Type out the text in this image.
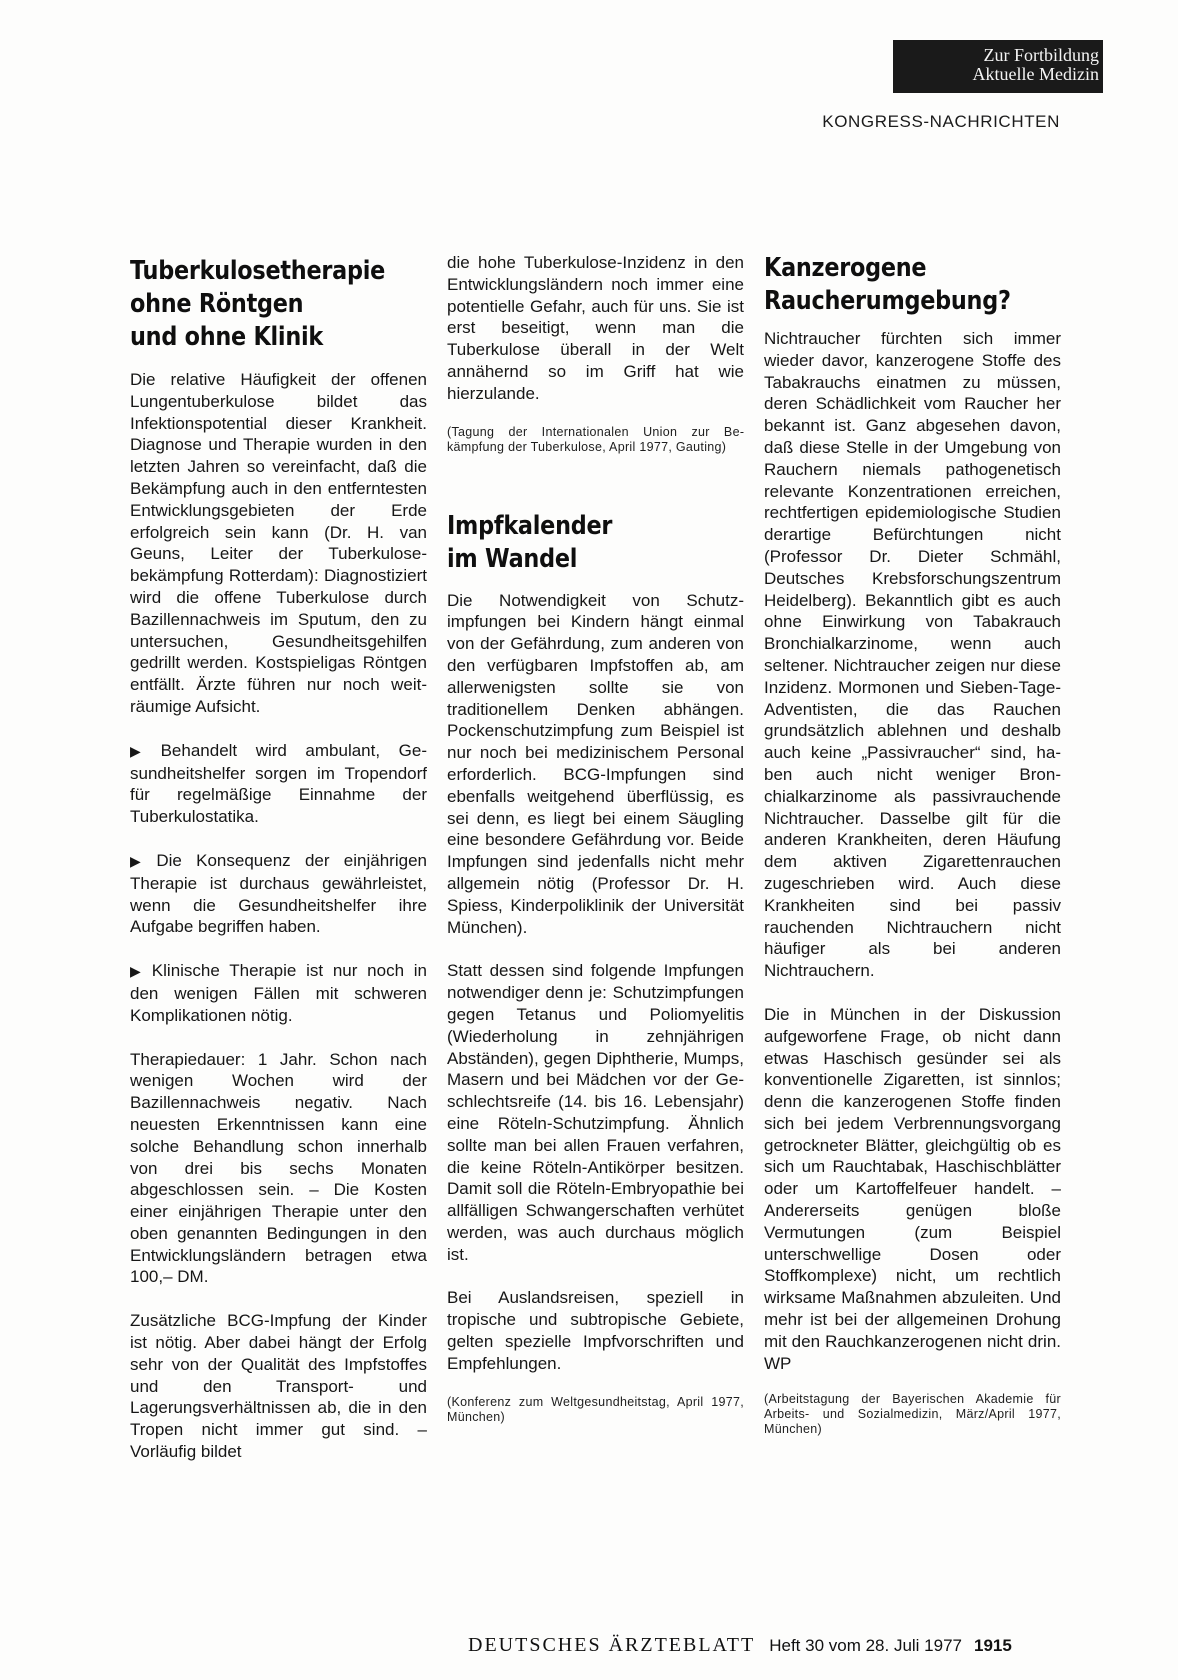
Zur Fortbildung
Aktuelle Medizin
KONGRESS-NACHRICHTEN
Tuberkulosetherapie
ohne Röntgen
und ohne Klinik

Die relative Häufigkeit der offenen Lungentuberkulose bildet das Infektionspotential dieser Krankheit. Diagnose und Therapie wurden in den letzten Jahren so vereinfacht, daß die Bekämpfung auch in den entferntesten Entwicklungsgebieten der Erde erfolgreich sein kann (Dr. H. van Geuns, Leiter der Tuberkulosebekämpfung Rotterdam): Diagnostiziert wird die offene Tuberkulose durch Bazillennachweis im Sputum, den zu untersuchen, Gesundheitsgehilfen gedrillt werden. Kostspieligas Röntgen entfällt. Ärzte führen nur noch weiträumige Aufsicht.

▶ Behandelt wird ambulant, Gesundheitshelfer sorgen im Tropendorf für regelmäßige Einnahme der Tuberkulostatika.

▶ Die Konsequenz der einjährigen Therapie ist durchaus gewährleistet, wenn die Gesundheitshelfer ihre Aufgabe begriffen haben.

▶ Klinische Therapie ist nur noch in den wenigen Fällen mit schweren Komplikationen nötig.

Therapiedauer: 1 Jahr. Schon nach wenigen Wochen wird der Bazillennachweis negativ. Nach neuesten Erkenntnissen kann eine solche Behandlung schon innerhalb von drei bis sechs Monaten abgeschlossen sein. – Die Kosten einer einjährigen Therapie unter den oben genannten Bedingungen in den Entwicklungsländern betragen etwa 100,– DM.

Zusätzliche BCG-Impfung der Kinder ist nötig. Aber dabei hängt der Erfolg sehr von der Qualität des Impfstoffes und den Transport- und Lagerungsverhältnissen ab, die in den Tropen nicht immer gut sind. – Vorläufig bildet

die hohe Tuberkulose-Inzidenz in den Entwicklungsländern noch immer eine potentielle Gefahr, auch für uns. Sie ist erst beseitigt, wenn man die Tuberkulose überall in der Welt annähernd so im Griff hat wie hierzulande.

(Tagung der Internationalen Union zur Bekämpfung der Tuberkulose, April 1977, Gauting)

Impfkalender
im Wandel

Die Notwendigkeit von Schutzimpfungen bei Kindern hängt einmal von der Gefährdung, zum anderen von den verfügbaren Impfstoffen ab, am allerwenigsten sollte sie von traditionellem Denken abhängen. Pockenschutzimpfung zum Beispiel ist nur noch bei medizinischem Personal erforderlich. BCG-Impfungen sind ebenfalls weitgehend überflüssig, es sei denn, es liegt bei einem Säugling eine besondere Gefährdung vor. Beide Impfungen sind jedenfalls nicht mehr allgemein nötig (Professor Dr. H. Spiess, Kinderpoliklinik der Universität München).

Statt dessen sind folgende Impfungen notwendiger denn je: Schutzimpfungen gegen Tetanus und Poliomyelitis (Wiederholung in zehnjährigen Abständen), gegen Diphtherie, Mumps, Masern und bei Mädchen vor der Geschlechtsreife (14. bis 16. Lebensjahr) eine Röteln-Schutzimpfung. Ähnlich sollte man bei allen Frauen verfahren, die keine Röteln-Antikörper besitzen. Damit soll die Röteln-Embryopathie bei allfälligen Schwangerschaften verhütet werden, was auch durchaus möglich ist.

Bei Auslandsreisen, speziell in tropische und subtropische Gebiete, gelten spezielle Impfvorschriften und Empfehlungen.

(Konferenz zum Weltgesundheitstag, April 1977, München)

Kanzerogene
Raucherumgebung?

Nichtraucher fürchten sich immer wieder davor, kanzerogene Stoffe des Tabakrauchs einatmen zu müssen, deren Schädlichkeit vom Raucher her bekannt ist. Ganz abgesehen davon, daß diese Stelle in der Umgebung von Rauchern niemals pathogenetisch relevante Konzentrationen erreichen, rechtfertigen epidemiologische Studien derartige Befürchtungen nicht (Professor Dr. Dieter Schmähl, Deutsches Krebsforschungszentrum Heidelberg). Bekanntlich gibt es auch ohne Einwirkung von Tabakrauch Bronchialkarzinome, wenn auch seltener. Nichtraucher zeigen nur diese Inzidenz. Mormonen und Sieben-Tage-Adventisten, die das Rauchen grundsätzlich ablehnen und deshalb auch keine „Passivraucher“ sind, haben auch nicht weniger Bronchialkarzinome als passivrauchende Nichtraucher. Dasselbe gilt für die anderen Krankheiten, deren Häufung dem aktiven Zigarettenrauchen zugeschrieben wird. Auch diese Krankheiten sind bei passiv rauchenden Nichtrauchern nicht häufiger als bei anderen Nichtrauchern.

Die in München in der Diskussion aufgeworfene Frage, ob nicht dann etwas Haschisch gesünder sei als konventionelle Zigaretten, ist sinnlos; denn die kanzerogenen Stoffe finden sich bei jedem Verbrennungsvorgang getrockneter Blätter, gleichgültig ob es sich um Rauchtabak, Haschischblätter oder um Kartoffelfeuer handelt. – Andererseits genügen bloße Vermutungen (zum Beispiel unterschwellige Dosen oder Stoffkomplexe) nicht, um rechtlich wirksame Maßnahmen abzuleiten. Und mehr ist bei der allgemeinen Drohung mit den Rauchkanzerogenen nicht drin. WP

(Arbeitstagung der Bayerischen Akademie für Arbeits- und Sozialmedizin, März/April 1977, München)

DEUTSCHES ÄRZTEBLATT Heft 30 vom 28. Juli 1977 1915
